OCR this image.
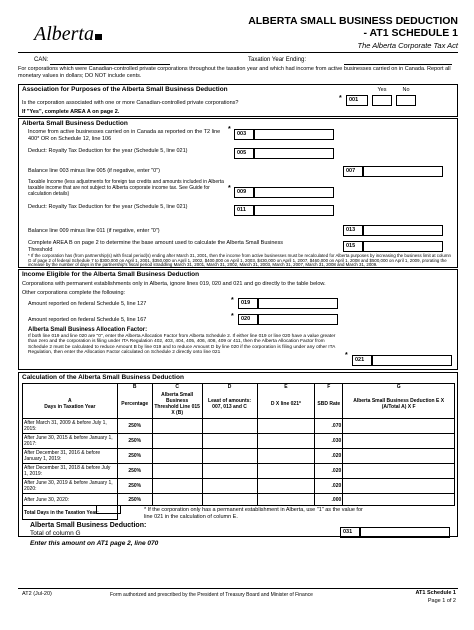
Alberta
ALBERTA SMALL BUSINESS DEDUCTION
- AT1 SCHEDULE 1
The Alberta Corporate Tax Act
CAN:	Taxation Year Ending:
For corporations which were Canadian-controlled private corporations throughout the taxation year and which had income from active businesses carried on in Canada. Report all monetary values in dollars; DO NOT include cents.
Association for Purposes of the Alberta Small Business Deduction
Is the corporation associated with one or more Canadian-controlled private corporations?
If "Yes", complete AREA A on page 2.
*	001
Yes	No
Alberta Small Business Deduction
Income from active businesses carried on in Canada as reported on the T2 line 400* OR on Schedule 12, line 106
*
003
Deduct: Royalty Tax Deduction for the year (Schedule 5, line 021)	005
Balance line 003 minus line 005 (if negative, enter "0")	007
Taxable Income (less adjustments for foreign tax credits and amounts included in Alberta taxable income that are not subject to Alberta corporate income tax. See Guide for calculation details)
*	009
Deduct: Royalty Tax Deduction for the year (Schedule 5, line 021)	011
Balance line 009 minus line 011 (if negative, enter "0")	013
Complete AREA B on page 2 to determine the base amount used to calculate the Alberta Small Business Threshold
015
* If the corporation has (from partnership(s) with fiscal period(s) ending after March 31, 2001, then the income from active businesses must be recalculated for Alberta purposes by increasing the business limit at column G of page 2 of federal Schedule 7 to $300,000 on April 1, 2001, $350,000 on April 1, 2002, $400,000 on April 1, 2003, $430,000 on April 1, 2007, $460,000 on April 1, 2008 and $500,000 on April 1, 2009, prorating the increase by the number of days in the partnership's fiscal period straddling March 31, 2001, March 31, 2002, March 31, 2003, March 31, 2007, March 31, 2008 and March 31, 2009.
Income Eligible for the Alberta Small Business Deduction
Corporations with permanent establishments only in Alberta, ignore lines 019, 020 and 021 and go directly to the table below.
Other corporations complete the following:
Amount reported on federal Schedule 5, line 127	*	019
Amount reported on federal Schedule 5, line 167	*	020
Alberta Small Business Allocation Factor:
If both line 019 and line 020 are "0", enter the Alberta Allocation Factor from Alberta Schedule 2. If either line 019 or line 020 have a value greater than zero and the corporation is filing under ITA Regulation 402, 403, 404, 405, 406, 408, 409 or 411, then the Alberta Allocation Factor from Schedule 2 must be calculated to reduce Amount B by line 019 and to reduce Amount D by line 020 if the corporation is filing under any other ITA Regulation, then enter the Allocation Factor calculated on Schedule 2 directly onto line 021	*
021
Calculation of the Alberta Small Business Deduction
	B	C	D	E	F	G

A
Days in Taxation Year	Percentage	Alberta Small Business Threshold Line 015 X (B)	Least of amounts: 007, 013 and C	D X line 021*	SBD Rate	Alberta Small Business Deduction E X (A/Total A) X F
After March 31, 2009 & before July 1, 2015:	250%				.070	
After June 30, 2015 & before January 1, 2017:	250%				.030	
After December 31, 2016 & before January 1, 2019:	250%				.020	
After December 31, 2018 & before July 1, 2019:	250%				.020	
After June 30, 2019 & before January 1, 2020:	250%				.020	
After June 30, 2020:	250%				.000	
Total Days in the Taxation Year:							* If the corporation only has a permanent establishment in Alberta, use "1" as the value for line 021 in the calculation of column E.
Alberta Small Business Deduction:
Total of column G
Enter this amount on AT1 page 2, line 070
031
AT2 (Jul-20)	Form authorized and prescribed by the President of Treasury Board and Minister of Finance	AT1 Schedule 1
Page 1 of 2
